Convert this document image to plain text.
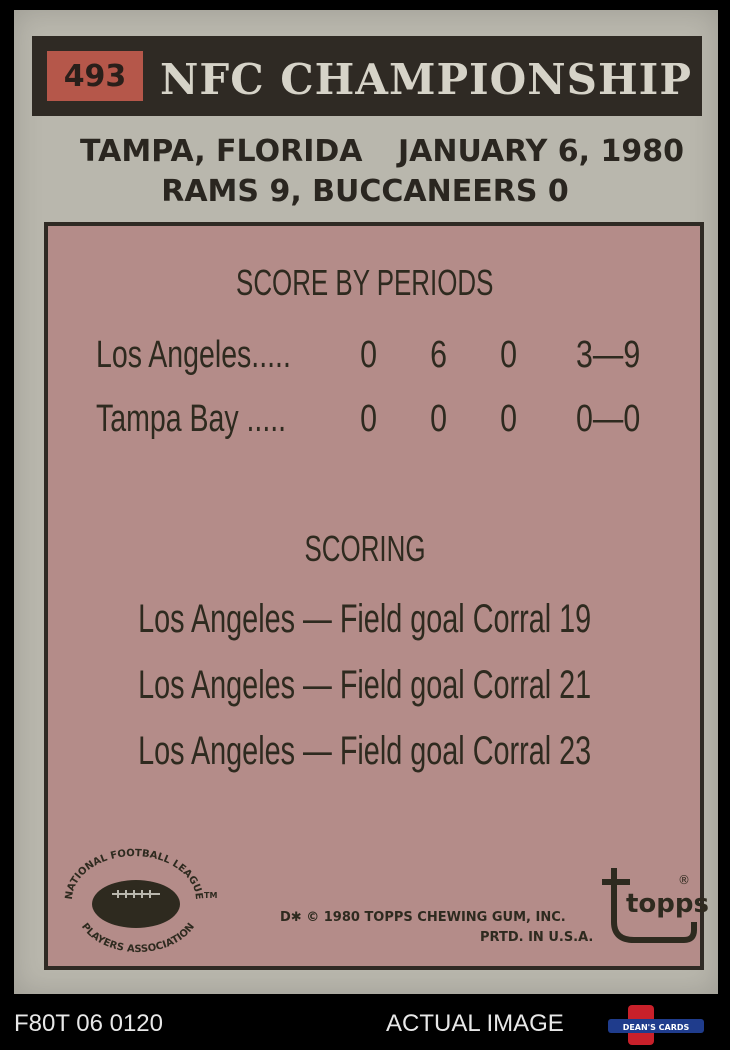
493 NFC CHAMPIONSHIP
TAMPA, FLORIDA JANUARY 6, 1980
RAMS 9, BUCCANEERS 0
SCORE BY PERIODS
Los Angeles..... 0 6 0 3—9
Tampa Bay ..... 0 0 0 0—0
SCORING
Los Angeles — Field goal Corral 19
Los Angeles — Field goal Corral 21
Los Angeles — Field goal Corral 23
NATIONAL FOOTBALL LEAGUE
PLAYERS ASSOCIATION
TM
D✱ © 1980 TOPPS CHEWING GUM, INC.
PRTD. IN U.S.A.
topps
®
F80T 06 0120	ACTUAL IMAGE	DEAN'S CARDS
